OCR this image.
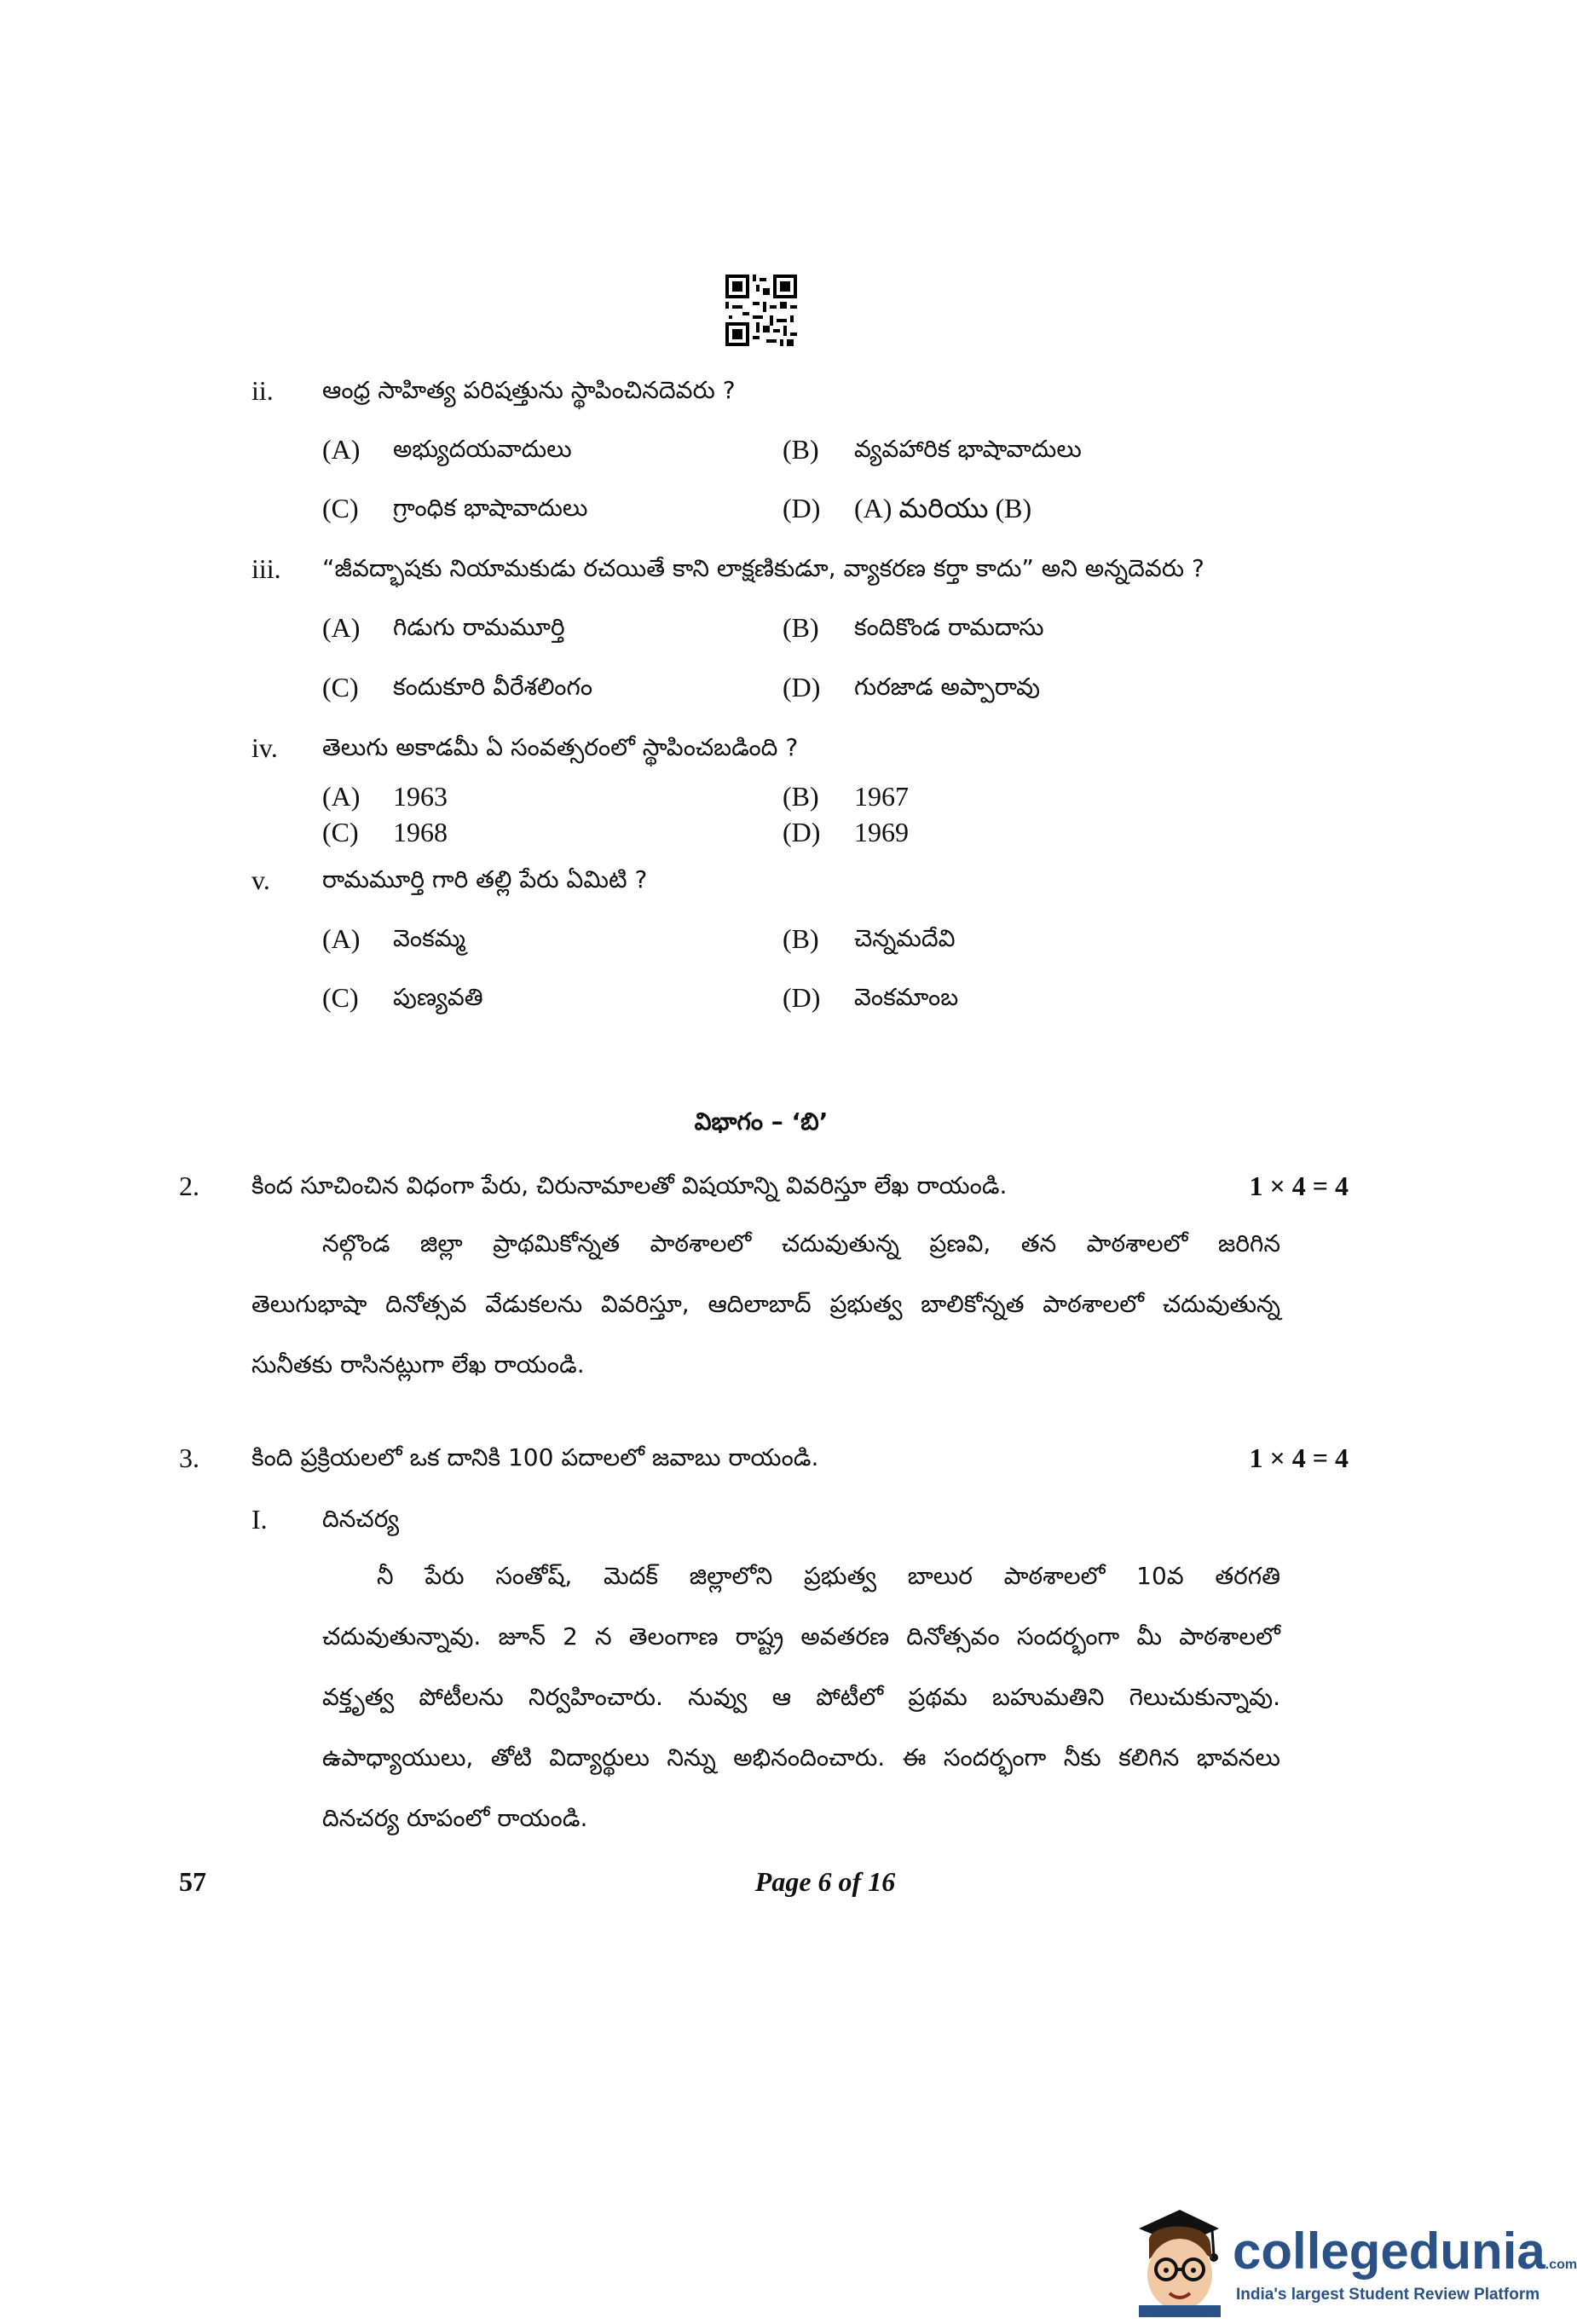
ii. ఆంధ్ర సాహిత్య పరిషత్తును స్థాపించినదెవరు ?
(A) అభ్యుదయవాదులు	(B) వ్యవహారిక భాషావాదులు
(C) గ్రాంధిక భాషావాదులు	(D) (A) మరియు (B)
iii. “జీవద్భాషకు నియామకుడు రచయితే కాని లాక్షణికుడూ, వ్యాకరణ కర్తా కాదు” అని అన్నదెవరు ?
(A) గిడుగు రామమూర్తి	(B) కందికొండ రామదాసు
(C) కందుకూరి వీరేశలింగం	(D) గురజాడ అప్పారావు
iv. తెలుగు అకాడమీ ఏ సంవత్సరంలో స్థాపించబడింది ?
(A) 1963	(B) 1967
(C) 1968	(D) 1969
v. రామమూర్తి గారి తల్లి పేరు ఏమిటి ?
(A) వెంకమ్మ	(B) చెన్నమదేవి
(C) పుణ్యవతి	(D) వెంకమాంబ
విభాగం – ‘బి’
2. కింద సూచించిన విధంగా పేరు, చిరునామాలతో విషయాన్ని వివరిస్తూ లేఖ రాయండి.	1 × 4 = 4
నల్గొండ జిల్లా ప్రాథమికోన్నత పాఠశాలలో చదువుతున్న ప్రణవి, తన పాఠశాలలో జరిగిన
తెలుగుభాషా దినోత్సవ వేడుకలను వివరిస్తూ, ఆదిలాబాద్ ప్రభుత్వ బాలికోన్నత పాఠశాలలో చదువుతున్న
సునీతకు రాసినట్లుగా లేఖ రాయండి.
3. కింది ప్రక్రియలలో ఒక దానికి 100 పదాలలో జవాబు రాయండి.	1 × 4 = 4
I. దినచర్య
నీ పేరు సంతోష్, మెదక్ జిల్లాలోని ప్రభుత్వ బాలుర పాఠశాలలో 10వ తరగతి
చదువుతున్నావు. జూన్ 2 న తెలంగాణ రాష్ట్ర అవతరణ దినోత్సవం సందర్భంగా మీ పాఠశాలలో
వక్తృత్వ పోటీలను నిర్వహించారు. నువ్వు ఆ పోటీలో ప్రథమ బహుమతిని గెలుచుకున్నావు.
ఉపాధ్యాయులు, తోటి విద్యార్థులు నిన్ను అభినందించారు. ఈ సందర్భంగా నీకు కలిగిన భావనలు
దినచర్య రూపంలో రాయండి.
57	Page 6 of 16
collegedunia.com
India's largest Student Review Platform
